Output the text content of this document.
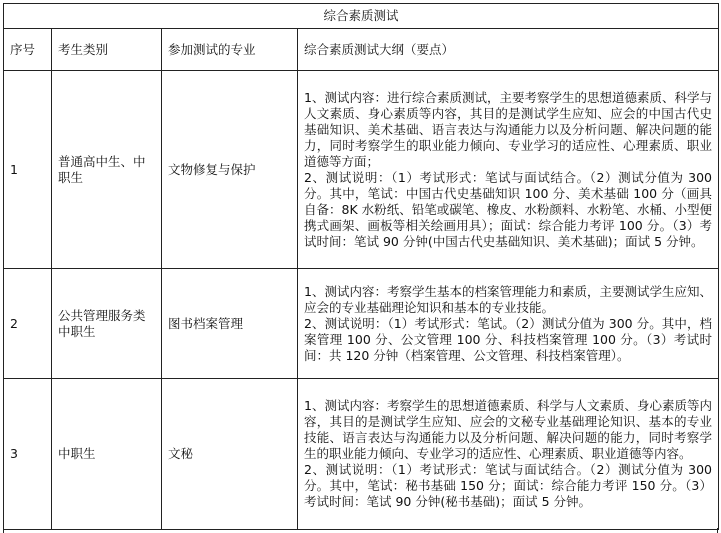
综合素质测试			
序号	考生类别	参加测试的专业	综合素质测试大纲（要点）
1	普通高中生、中职生	文物修复与保护	1、测试内容：进行综合素质测试，主要考察学生的思想道德素质、科学与人文素质、身心素质等内容，其目的是测试学生应知、应会的中国古代史基础知识、美术基础、语言表达与沟通能力以及分析问题、解决问题的能力，同时考察学生的职业能力倾向、专业学习的适应性、心理素质、职业道德等方面；
2、测试说明：（1）考试形式：笔试与面试结合。（2）测试分值为 300 分。其中，笔试：中国古代史基础知识 100 分、美术基础 100 分（画具自备：8K 水粉纸、铅笔或碳笔、橡皮、水粉颜料、水粉笔、水桶、小型便携式画架、画板等相关绘画用具）；面试：综合能力考评 100 分。（3）考试时间：笔试 90 分钟(中国古代史基础知识、美术基础)；面试 5 分钟。

2	公共管理服务类中职生	图书档案管理	1、测试内容：考察学生基本的档案管理能力和素质，主要测试学生应知、应会的专业基础理论知识和基本的专业技能。
2、测试说明：（1）考试形式：笔试。（2）测试分值为 300 分。其中，档案管理 100 分、公文管理 100 分、科技档案管理 100 分。（3）考试时间：共 120 分钟（档案管理、公文管理、科技档案管理）。

3	中职生	文秘	1、测试内容：考察学生的思想道德素质、科学与人文素质、身心素质等内容，其目的是测试学生应知、应会的文秘专业基础理论知识、基本的专业技能、语言表达与沟通能力以及分析问题、解决问题的能力，同时考察学生的职业能力倾向、专业学习的适应性、心理素质、职业道德等内容。
2、测试说明：（1）考试形式：笔试与面试结合。（2）测试分值为 300 分。其中，笔试：秘书基础 150 分；面试：综合能力考评 150 分。（3）考试时间：笔试 90 分钟(秘书基础)；面试 5 分钟。
